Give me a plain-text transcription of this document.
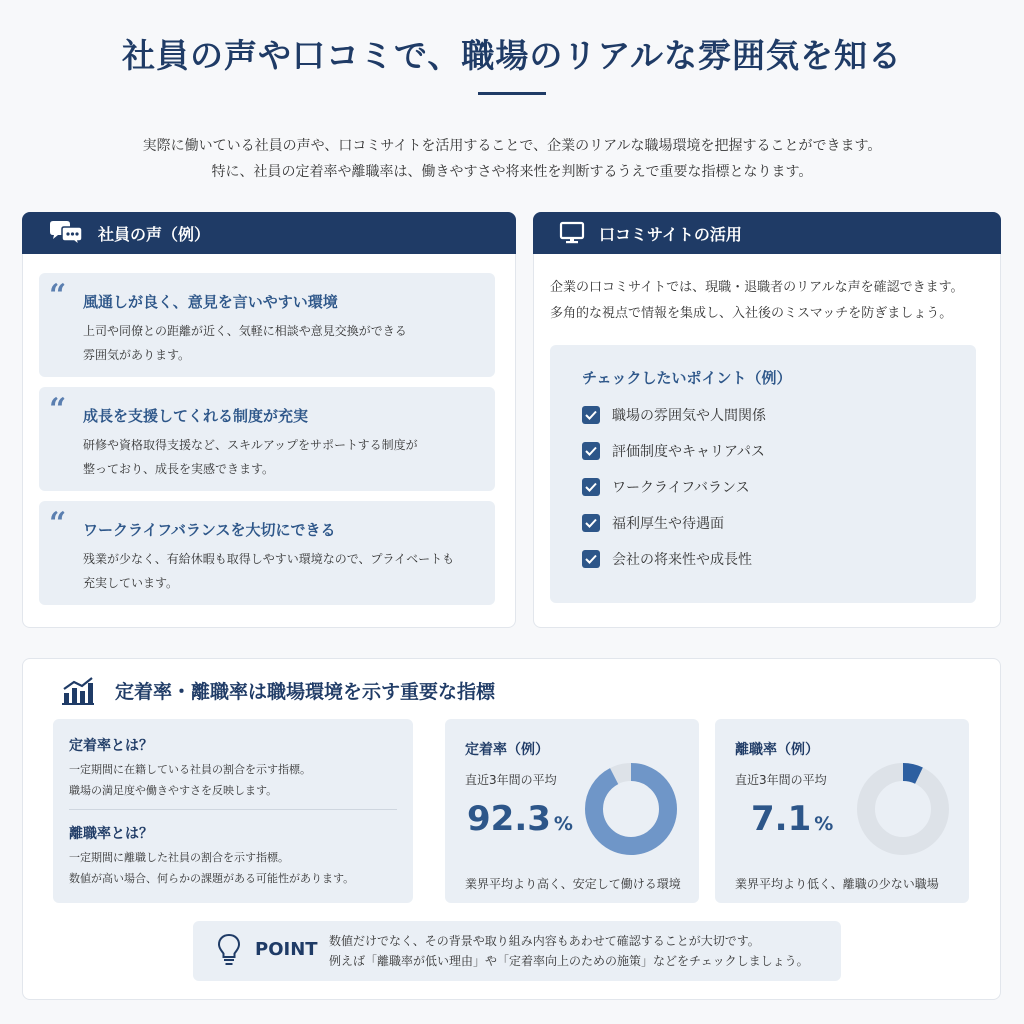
社員の声や口コミで、職場のリアルな雰囲気を知る
実際に働いている社員の声や、口コミサイトを活用することで、企業のリアルな職場環境を把握することができます。
特に、社員の定着率や離職率は、働きやすさや将来性を判断するうえで重要な指標となります。
社員の声（例）
“ 風通しが良く、意見を言いやすい環境
上司や同僚との距離が近く、気軽に相談や意見交換ができる
雰囲気があります。
“ 成長を支援してくれる制度が充実
研修や資格取得支援など、スキルアップをサポートする制度が
整っており、成長を実感できます。
“ ワークライフバランスを大切にできる
残業が少なく、有給休暇も取得しやすい環境なので、プライベートも
充実しています。
口コミサイトの活用
企業の口コミサイトでは、現職・退職者のリアルな声を確認できます。
多角的な視点で情報を集成し、入社後のミスマッチを防ぎましょう。
チェックしたいポイント（例）
職場の雰囲気や人間関係
評価制度やキャリアパス
ワークライフバランス
福利厚生や待遇面
会社の将来性や成長性
定着率・離職率は職場環境を示す重要な指標
定着率とは？
一定期間に在籍している社員の割合を示す指標。
職場の満足度や働きやすさを反映します。
離職率とは？
一定期間に離職した社員の割合を示す指標。
数値が高い場合、何らかの課題がある可能性があります。
定着率（例）
直近3年間の平均
92.3 %
業界平均より高く、安定して働ける環境
離職率（例）
直近3年間の平均
7.1 %
業界平均より低く、離職の少ない職場
POINT 数値だけでなく、その背景や取り組み内容もあわせて確認することが大切です。
例えば「離職率が低い理由」や「定着率向上のための施策」などをチェックしましょう。
